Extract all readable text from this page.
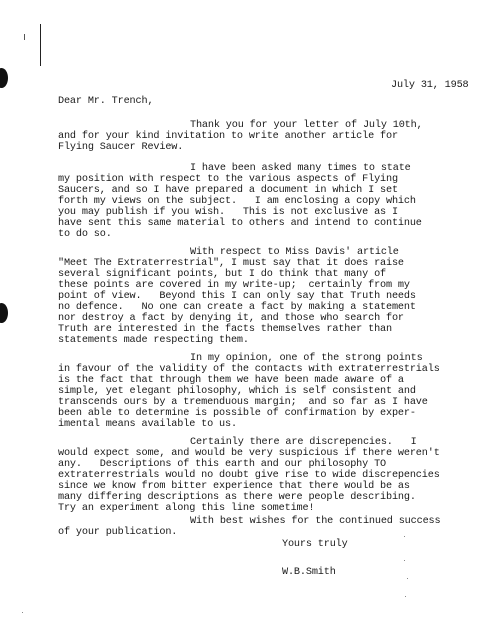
July 31, 1958
Dear Mr. Trench,
Thank you for your letter of July 10th,
and for your kind invitation to write another article for
Flying Saucer Review.
I have been asked many times to state
my position with respect to the various aspects of Flying
Saucers, and so I have prepared a document in which I set
forth my views on the subject.   I am enclosing a copy which
you may publish if you wish.   This is not exclusive as I
have sent this same material to others and intend to continue
to do so.
With respect to Miss Davis' article
"Meet The Extraterrestrial", I must say that it does raise
several significant points, but I do think that many of
these points are covered in my write-up;  certainly from my
point of view.   Beyond this I can only say that Truth needs
no defence.   No one can create a fact by making a statement
nor destroy a fact by denying it, and those who search for
Truth are interested in the facts themselves rather than
statements made respecting them.
In my opinion, one of the strong points
in favour of the validity of the contacts with extraterrestrials
is the fact that through them we have been made aware of a
simple, yet elegant philosophy, which is self consistent and
transcends ours by a tremenduous margin;  and so far as I have
been able to determine is possible of confirmation by exper-
imental means available to us.
Certainly there are discrepencies.   I
would expect some, and would be very suspicious if there weren't
any.   Descriptions of this earth and our philosophy TO
extraterrestrials would no doubt give rise to wide discrepencies
since we know from bitter experience that there would be as
many differing descriptions as there were people describing.
Try an experiment along this line sometime!
With best wishes for the continued success
of your publication.
Yours truly
W.B.Smith
